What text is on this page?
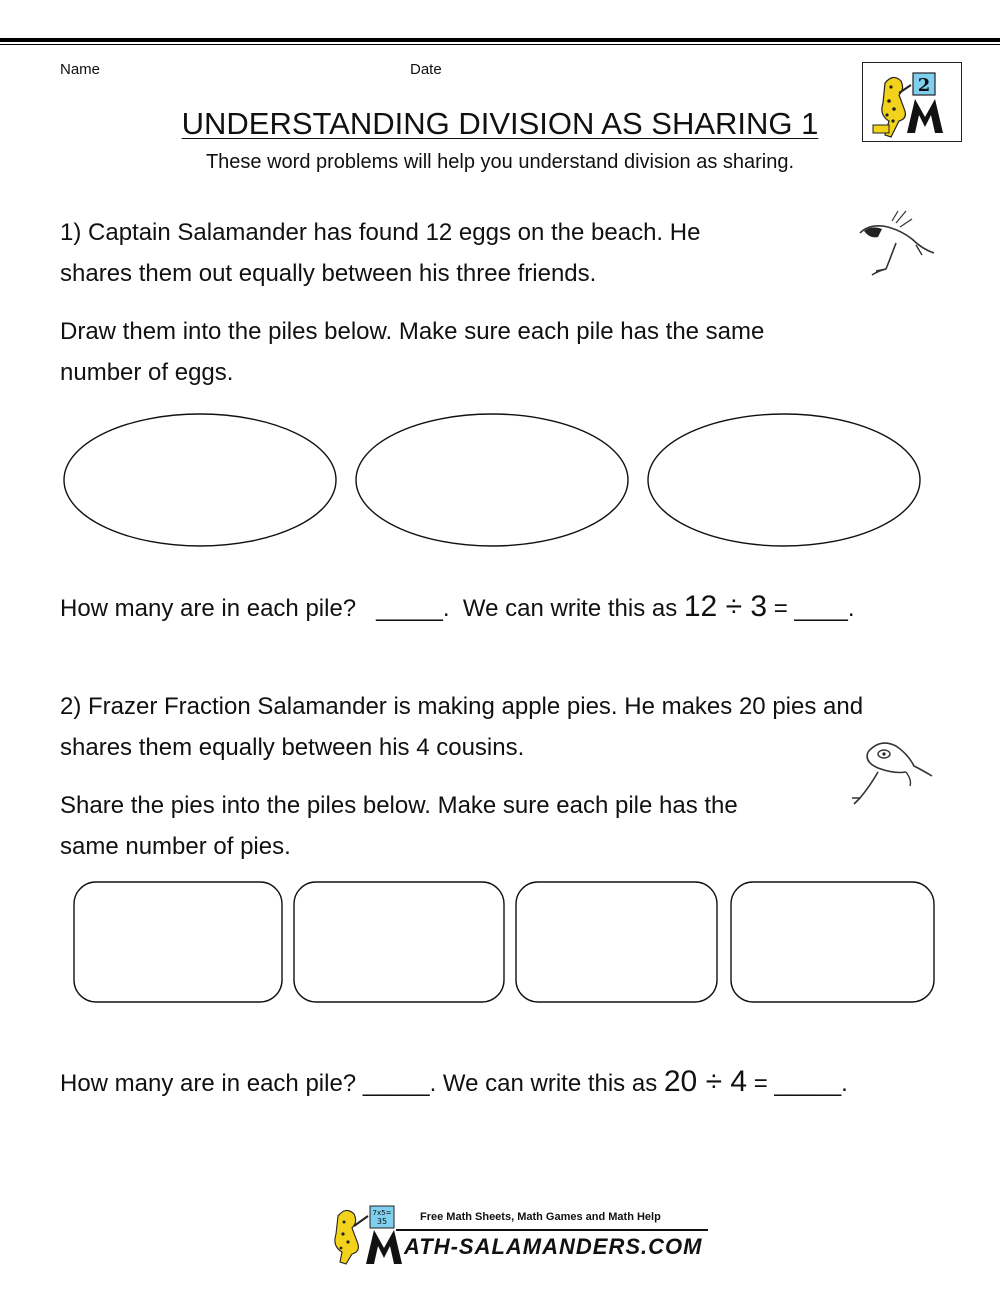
Name	Date
2
UNDERSTANDING DIVISION AS SHARING 1
These word problems will help you understand division as sharing.
1) Captain Salamander has found 12 eggs on the beach. He
shares them out equally between his three friends.
Draw them into the piles below. Make sure each pile has the same
number of eggs.
How many are in each pile?   _____.  We can write this as 12 ÷ 3 = ____.
2) Frazer Fraction Salamander is making apple pies. He makes 20 pies and
shares them equally between his 4 cousins.
Share the pies into the piles below. Make sure each pile has the
same number of pies.
How many are in each pile? _____. We can write this as 20 ÷ 4 = _____.
7x5=
35	Free Math Sheets, Math Games and Math Help
ATH-SALAMANDERS.COM
